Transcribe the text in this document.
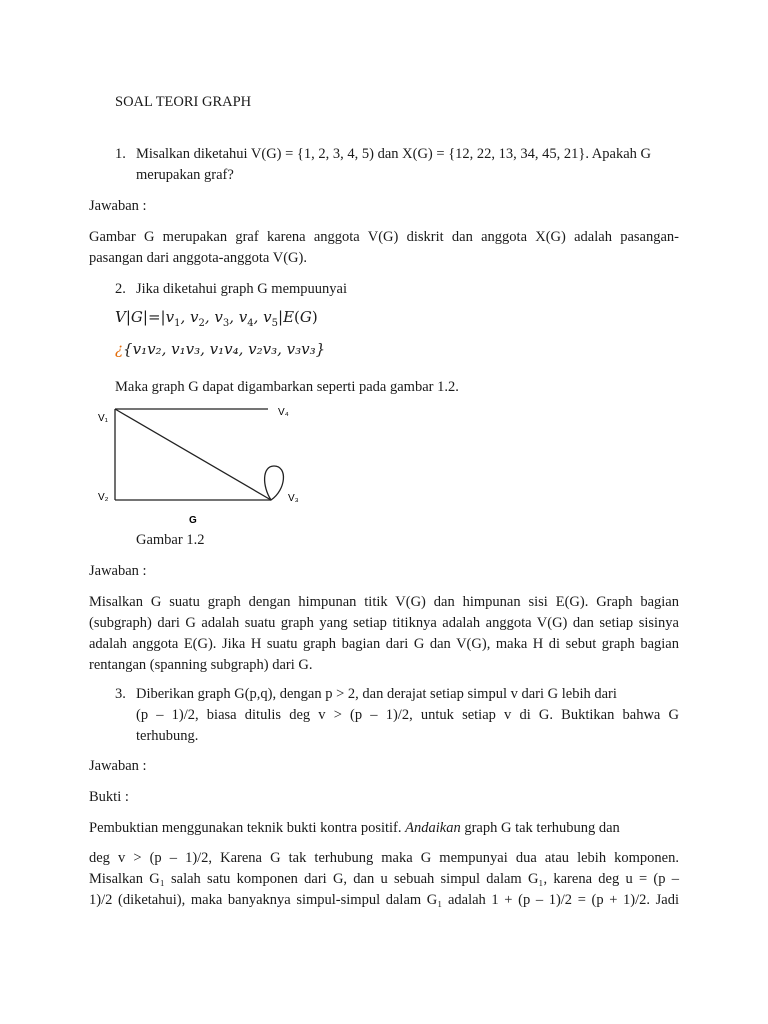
SOAL TEORI GRAPH
1. Misalkan diketahui V(G) = {1, 2, 3, 4, 5) dan X(G) = {12, 22, 13, 34, 45, 21}. Apakah G
merupakan graf?
Jawaban :
Gambar G merupakan graf karena anggota V(G) diskrit dan anggota X(G) adalah pasangan-
pasangan dari anggota-anggota V(G).
2. Jika diketahui graph G mempuunyai
$V|G|=|v_1$, $v_2$, $v_3$, $v_4$, $v_5|E(G)$
¿{v₁v₂, v₁v₃, v₁v₄, v₂v₃, v₃v₃}
Maka graph G dapat digambarkan seperti pada gambar 1.2.
V₁
V₄
V₂	V₃
G
Gambar 1.2
Jawaban :
Misalkan G suatu graph dengan himpunan titik V(G) dan himpunan sisi E(G). Graph bagian
(subgraph) dari G adalah suatu graph yang setiap titiknya adalah anggota V(G) dan setiap sisinya
adalah anggota E(G). Jika H suatu graph bagian dari G dan V(G), maka H di sebut graph bagian
rentangan (spanning subgraph) dari G.
3. Diberikan graph G(p,q), dengan p > 2, dan derajat setiap simpul v dari G lebih dari
(p – 1)/2, biasa ditulis deg v > (p – 1)/2, untuk setiap v di G. Buktikan bahwa G
terhubung.
Jawaban :
Bukti :
Pembuktian menggunakan teknik bukti kontra positif. Andaikan graph G tak terhubung dan
deg v > (p – 1)/2, Karena G tak terhubung maka G mempunyai dua atau lebih komponen.
Misalkan G₁ salah satu komponen dari G, dan u sebuah simpul dalam G₁, karena deg u = (p –
1)/2 (diketahui), maka banyaknya simpul-simpul dalam G₁ adalah 1 + (p – 1)/2 = (p + 1)/2. Jadi
